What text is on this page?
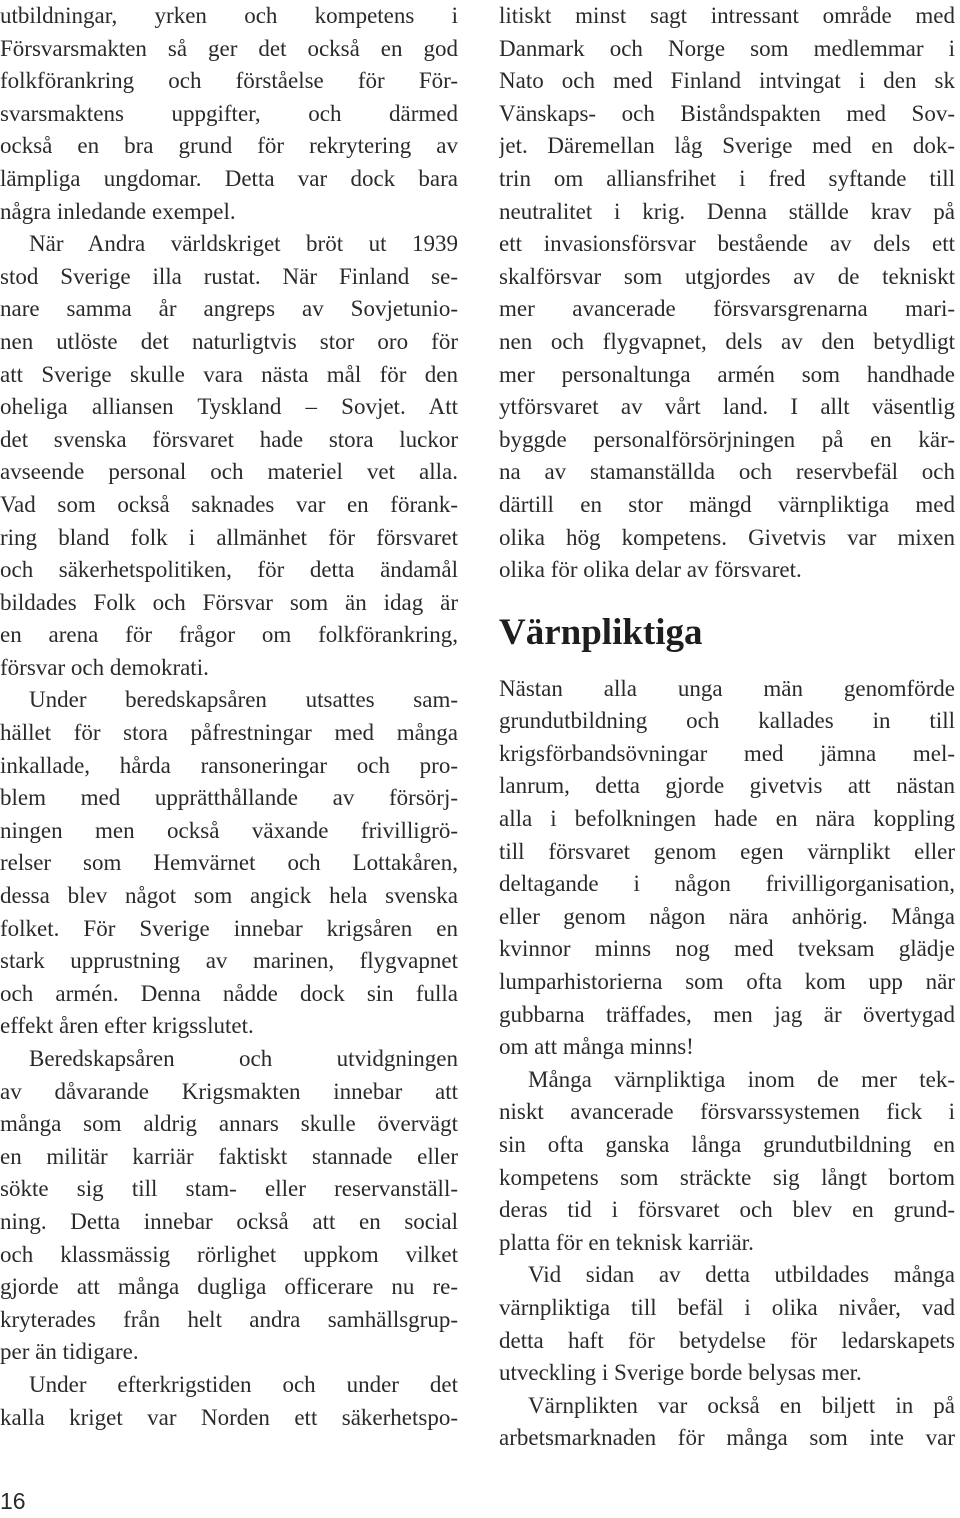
utbildningar, yrken och kompetens i
Försvarsmakten så ger det också en god
folkförankring och förståelse för För-
svarsmaktens uppgifter, och därmed
också en bra grund för rekrytering av
lämpliga ungdomar. Detta var dock bara
några inledande exempel.
När Andra världskriget bröt ut 1939
stod Sverige illa rustat. När Finland se-
nare samma år angreps av Sovjetunio-
nen utlöste det naturligtvis stor oro för
att Sverige skulle vara nästa mål för den
oheliga alliansen Tyskland – Sovjet. Att
det svenska försvaret hade stora luckor
avseende personal och materiel vet alla.
Vad som också saknades var en förank-
ring bland folk i allmänhet för försvaret
och säkerhetspolitiken, för detta ändamål
bildades Folk och Försvar som än idag är
en arena för frågor om folkförankring,
försvar och demokrati.
Under beredskapsåren utsattes sam-
hället för stora påfrestningar med många
inkallade, hårda ransoneringar och pro-
blem med upprätthållande av försörj-
ningen men också växande frivilligrö-
relser som Hemvärnet och Lottakåren,
dessa blev något som angick hela svenska
folket. För Sverige innebar krigsåren en
stark upprustning av marinen, flygvapnet
och armén. Denna nådde dock sin fulla
effekt åren efter krigsslutet.
Beredskapsåren och utvidgningen
av dåvarande Krigsmakten innebar att
många som aldrig annars skulle övervägt
en militär karriär faktiskt stannade eller
sökte sig till stam- eller reservanställ-
ning. Detta innebar också att en social
och klassmässig rörlighet uppkom vilket
gjorde att många dugliga officerare nu re-
kryterades från helt andra samhällsgrup-
per än tidigare.
Under efterkrigstiden och under det
kalla kriget var Norden ett säkerhetspo-
litiskt minst sagt intressant område med
Danmark och Norge som medlemmar i
Nato och med Finland intvingat i den sk
Vänskaps- och Biståndspakten med Sov-
jet. Däremellan låg Sverige med en dok-
trin om alliansfrihet i fred syftande till
neutralitet i krig. Denna ställde krav på
ett invasionsförsvar bestående av dels ett
skalförsvar som utgjordes av de tekniskt
mer avancerade försvarsgrenarna mari-
nen och flygvapnet, dels av den betydligt
mer personaltunga armén som handhade
ytförsvaret av vårt land. I allt väsentlig
byggde personalförsörjningen på en kär-
na av stamanställda och reservbefäl och
därtill en stor mängd värnpliktiga med
olika hög kompetens. Givetvis var mixen
olika för olika delar av försvaret.
Värnpliktiga
Nästan alla unga män genomförde
grundutbildning och kallades in till
krigsförbandsövningar med jämna mel-
lanrum, detta gjorde givetvis att nästan
alla i befolkningen hade en nära koppling
till försvaret genom egen värnplikt eller
deltagande i någon frivilligorganisation,
eller genom någon nära anhörig. Många
kvinnor minns nog med tveksam glädje
lumparhistorierna som ofta kom upp när
gubbarna träffades, men jag är övertygad
om att många minns!
Många värnpliktiga inom de mer tek-
niskt avancerade försvarssystemen fick i
sin ofta ganska långa grundutbildning en
kompetens som sträckte sig långt bortom
deras tid i försvaret och blev en grund-
platta för en teknisk karriär.
Vid sidan av detta utbildades många
värnpliktiga till befäl i olika nivåer, vad
detta haft för betydelse för ledarskapets
utveckling i Sverige borde belysas mer.
Värnplikten var också en biljett in på
arbetsmarknaden för många som inte var
16
